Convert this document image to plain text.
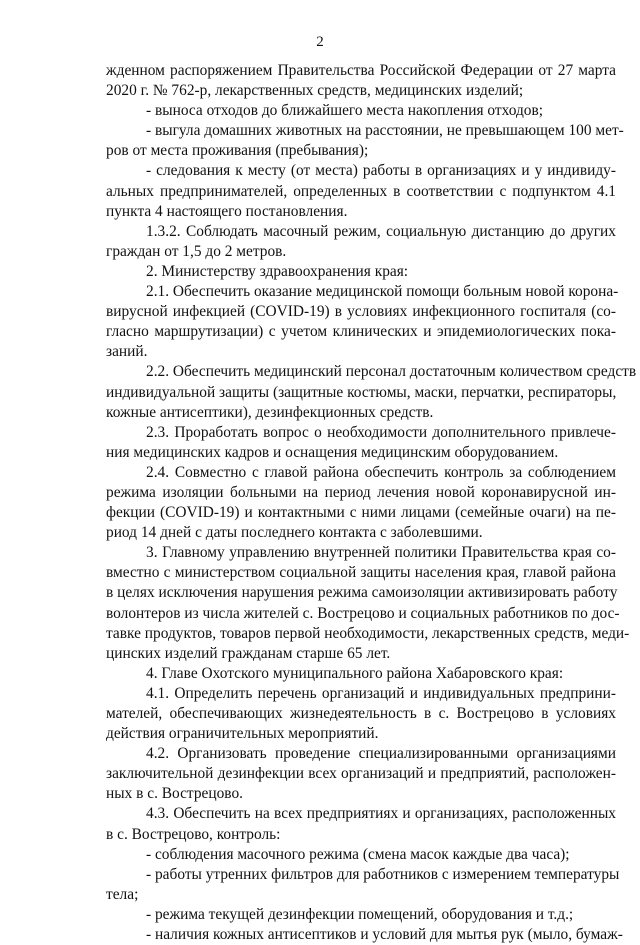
2
жденном распоряжением Правительства Российской Федерации от 27 марта
2020 г. № 762-р, лекарственных средств, медицинских изделий;
- выноса отходов до ближайшего места накопления отходов;
- выгула домашних животных на расстоянии, не превышающем 100 мет-
ров от места проживания (пребывания);
- следования к месту (от места) работы в организациях и у индивиду-
альных предпринимателей, определенных в соответствии с подпунктом 4.1
пункта 4 настоящего постановления.
1.3.2. Соблюдать масочный режим, социальную дистанцию до других
граждан от 1,5 до 2 метров.
2. Министерству здравоохранения края:
2.1. Обеспечить оказание медицинской помощи больным новой корона-
вирусной инфекцией (COVID-19) в условиях инфекционного госпиталя (со-
гласно маршрутизации) с учетом клинических и эпидемиологических пока-
заний.
2.2. Обеспечить медицинский персонал достаточным количеством средств
индивидуальной защиты (защитные костюмы, маски, перчатки, респираторы,
кожные антисептики), дезинфекционных средств.
2.3. Проработать вопрос о необходимости дополнительного привлече-
ния медицинских кадров и оснащения медицинским оборудованием.
2.4. Совместно с главой района обеспечить контроль за соблюдением
режима изоляции больными на период лечения новой коронавирусной ин-
фекции (COVID-19) и контактными с ними лицами (семейные очаги) на пе-
риод 14 дней с даты последнего контакта с заболевшими.
3. Главному управлению внутренней политики Правительства края со-
вместно с министерством социальной защиты населения края, главой района
в целях исключения нарушения режима самоизоляции активизировать работу
волонтеров из числа жителей с. Вострецово и социальных работников по дос-
тавке продуктов, товаров первой необходимости, лекарственных средств, меди-
цинских изделий гражданам старше 65 лет.
4. Главе Охотского муниципального района Хабаровского края:
4.1. Определить перечень организаций и индивидуальных предприни-
мателей, обеспечивающих жизнедеятельность в с. Вострецово в условиях
действия ограничительных мероприятий.
4.2. Организовать проведение специализированными организациями
заключительной дезинфекции всех организаций и предприятий, расположен-
ных в с. Вострецово.
4.3. Обеспечить на всех предприятиях и организациях, расположенных
в с. Вострецово, контроль:
- соблюдения масочного режима (смена масок каждые два часа);
- работы утренних фильтров для работников с измерением температуры
тела;
- режима текущей дезинфекции помещений, оборудования и т.д.;
- наличия кожных антисептиков и условий для мытья рук (мыло, бумаж-
